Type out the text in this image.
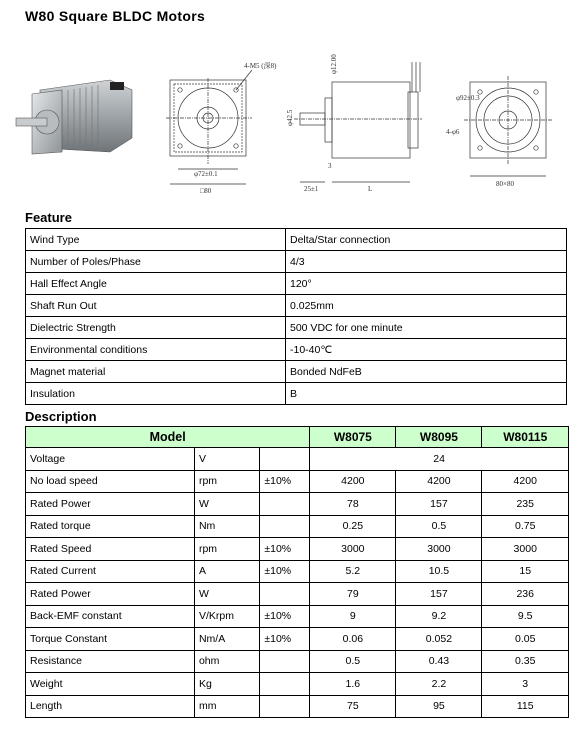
W80 Square BLDC Motors
φ72±0.1
□80
4-M5 (深8)
25±1
3
L
φ12.00
φ42.5
80×80
φ92±0.3
4-φ6
Feature
Wind Type	Delta/Star connection
Number of Poles/Phase	4/3
Hall Effect Angle	120°
Shaft Run Out	0.025mm
Dielectric Strength	500 VDC for one minute
Environmental conditions	-10-40℃
Magnet material	Bonded NdFeB
Insulation	B
Description
Model			W8075	W8095	W80115
Voltage	V		24		
No load speed	rpm	±10%	4200	4200	4200
Rated Power	W		78	157	235
Rated torque	Nm		0.25	0.5	0.75
Rated Speed	rpm	±10%	3000	3000	3000
Rated Current	A	±10%	5.2	10.5	15
Rated Power	W		79	157	236
Back-EMF constant	V/Krpm	±10%	9	9.2	9.5
Torque Constant	Nm/A	±10%	0.06	0.052	0.05
Resistance	ohm		0.5	0.43	0.35
Weight	Kg		1.6	2.2	3
Length	mm		75	95	115
